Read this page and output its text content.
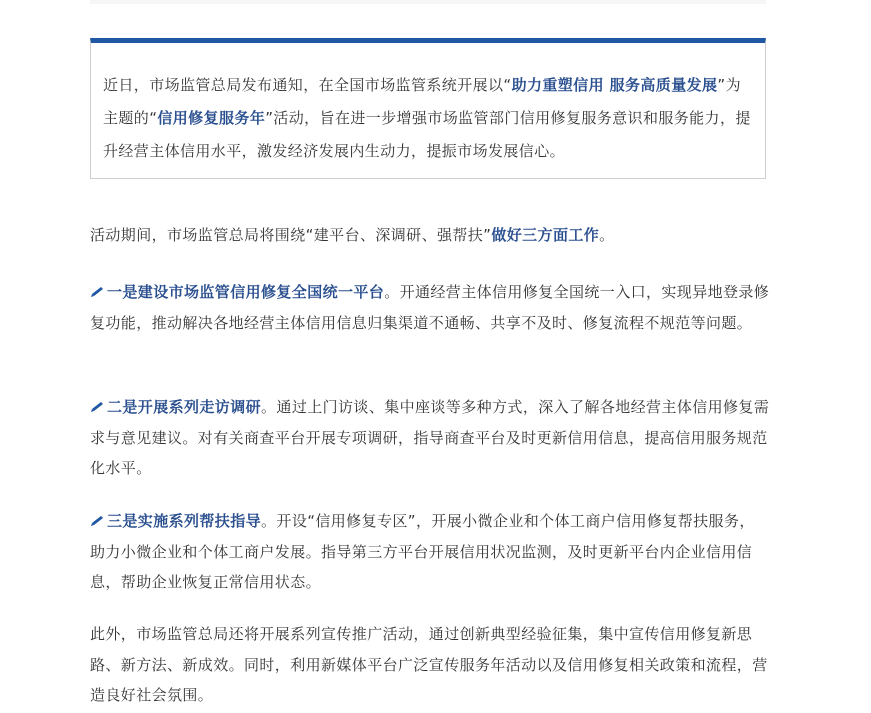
近日，市场监管总局发布通知，在全国市场监管系统开展以“助力重塑信用 服务高质量发展”为主题的“信用修复服务年”活动，旨在进一步增强市场监管部门信用修复服务意识和服务能力，提升经营主体信用水平，激发经济发展内生动力，提振市场发展信心。

活动期间，市场监管总局将围绕“建平台、深调研、强帮扶”做好三方面工作。

一是建设市场监管信用修复全国统一平台。开通经营主体信用修复全国统一入口，实现异地登录修复功能，推动解决各地经营主体信用信息归集渠道不通畅、共享不及时、修复流程不规范等问题。

二是开展系列走访调研。通过上门访谈、集中座谈等多种方式，深入了解各地经营主体信用修复需求与意见建议。对有关商查平台开展专项调研，指导商查平台及时更新信用信息，提高信用服务规范化水平。

三是实施系列帮扶指导。开设“信用修复专区”，开展小微企业和个体工商户信用修复帮扶服务，助力小微企业和个体工商户发展。指导第三方平台开展信用状况监测，及时更新平台内企业信用信息，帮助企业恢复正常信用状态。

此外，市场监管总局还将开展系列宣传推广活动，通过创新典型经验征集，集中宣传信用修复新思路、新方法、新成效。同时，利用新媒体平台广泛宣传服务年活动以及信用修复相关政策和流程，营造良好社会氛围。
